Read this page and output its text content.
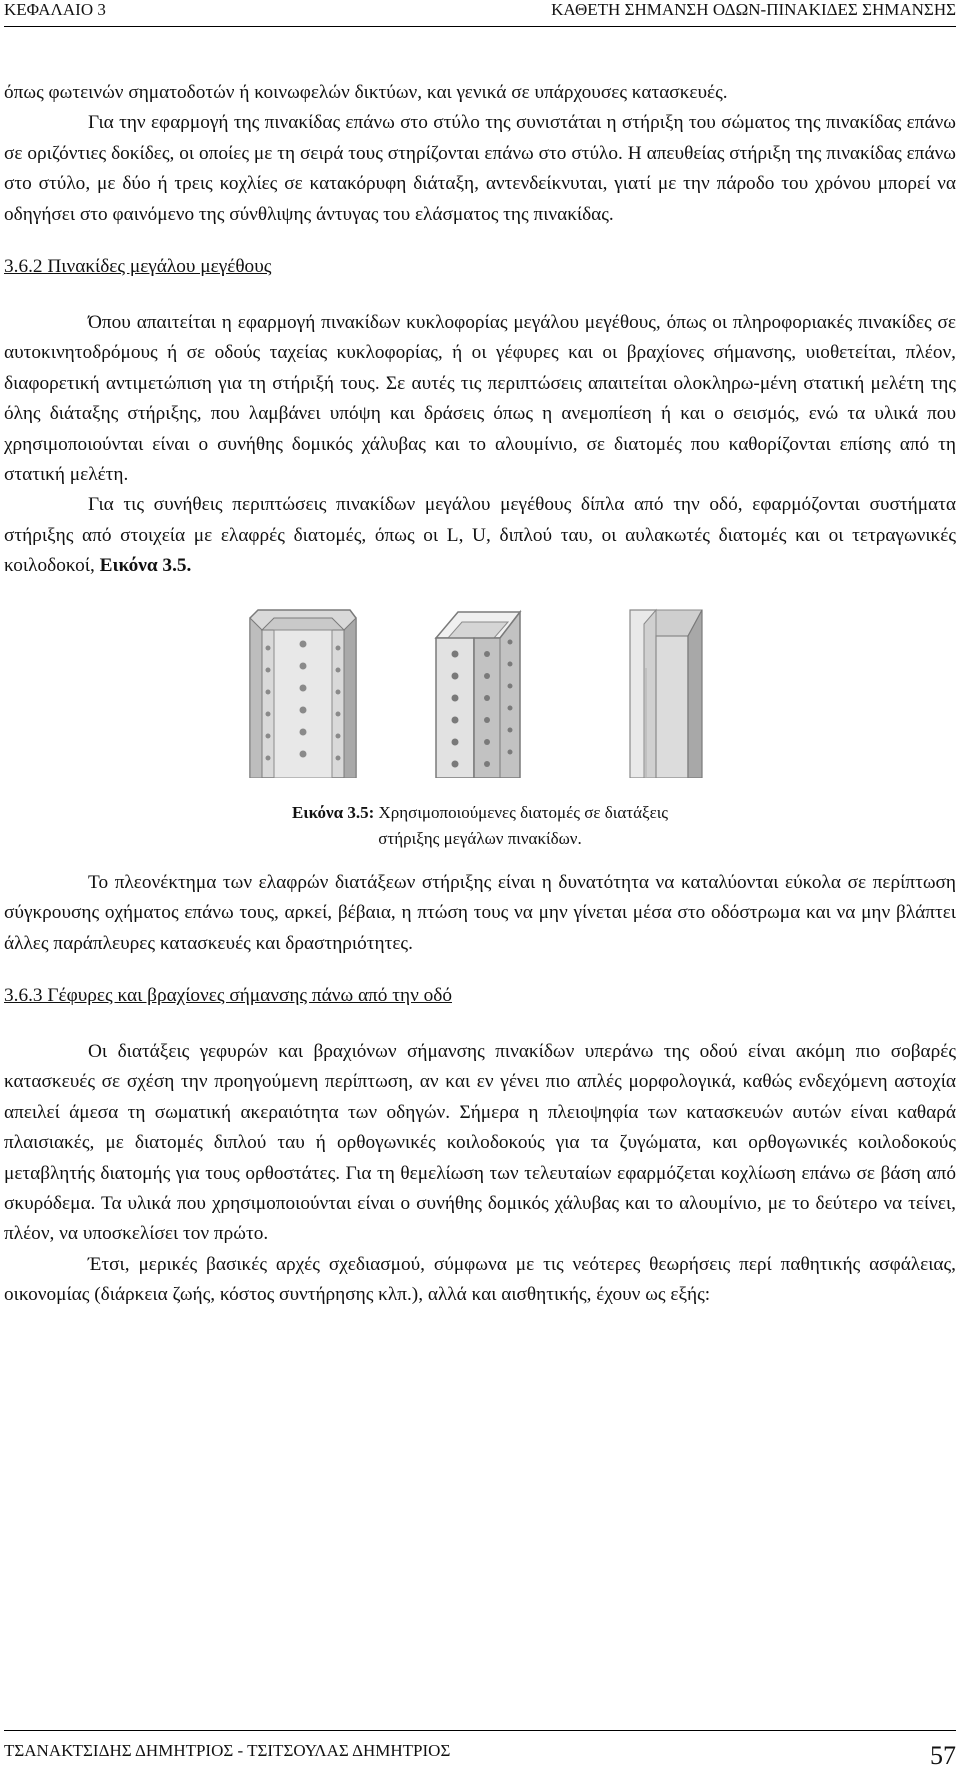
ΚΕΦΑΛΑΙΟ 3	ΚΑΘΕΤΗ ΣΗΜΑΝΣΗ ΟΔΩΝ-ΠΙΝΑΚΙΔΕΣ ΣΗΜΑΝΣΗΣ

όπως φωτεινών σηματοδοτών ή κοινωφελών δικτύων, και γενικά σε υπάρχουσες κατασκευές.

Για την εφαρμογή της πινακίδας επάνω στο στύλο της συνιστάται η στήριξη του σώματος της πινακίδας επάνω σε οριζόντιες δοκίδες, οι οποίες με τη σειρά τους στηρίζονται επάνω στο στύλο. Η απευθείας στήριξη της πινακίδας επάνω στο στύλο, με δύο ή τρεις κοχλίες σε κατακόρυφη διάταξη, αντενδείκνυται, γιατί με την πάροδο του χρόνου μπορεί να οδηγήσει στο φαινόμενο της σύνθλιψης άντυγας του ελάσματος της πινακίδας.

3.6.2 Πινακίδες μεγάλου μεγέθους

Όπου απαιτείται η εφαρμογή πινακίδων κυκλοφορίας μεγάλου μεγέθους, όπως οι πληροφοριακές πινακίδες σε αυτοκινητοδρόμους ή σε οδούς ταχείας κυκλοφορίας, ή οι γέφυρες και οι βραχίονες σήμανσης, υιοθετείται, πλέον, διαφορετική αντιμετώπιση για τη στήριξή τους. Σε αυτές τις περιπτώσεις απαιτείται ολοκληρω-μένη στατική μελέτη της όλης διάταξης στήριξης, που λαμβάνει υπόψη και δράσεις όπως η ανεμοπίεση ή και ο σεισμός, ενώ τα υλικά που χρησιμοποιούνται είναι ο συνήθης δομικός χάλυβας και το αλουμίνιο, σε διατομές που καθορίζονται επίσης από τη στατική μελέτη.

Για τις συνήθεις περιπτώσεις πινακίδων μεγάλου μεγέθους δίπλα από την οδό, εφαρμόζονται συστήματα στήριξης από στοιχεία με ελαφρές διατομές, όπως οι L, U, διπλού ταυ, οι αυλακωτές διατομές και οι τετραγωνικές κοιλοδοκοί, Εικόνα 3.5.

Εικόνα 3.5: Χρησιμοποιούμενες διατομές σε διατάξεις
στήριξης μεγάλων πινακίδων.

Το πλεονέκτημα των ελαφρών διατάξεων στήριξης είναι η δυνατότητα να καταλύονται εύκολα σε περίπτωση σύγκρουσης οχήματος επάνω τους, αρκεί, βέβαια, η πτώση τους να μην γίνεται μέσα στο οδόστρωμα και να μην βλάπτει άλλες παράπλευρες κατασκευές και δραστηριότητες.

3.6.3 Γέφυρες και βραχίονες σήμανσης πάνω από την οδό

Οι διατάξεις γεφυρών και βραχιόνων σήμανσης πινακίδων υπεράνω της οδού είναι ακόμη πιο σοβαρές κατασκευές σε σχέση την προηγούμενη περίπτωση, αν και εν γένει πιο απλές μορφολογικά, καθώς ενδεχόμενη αστοχία απειλεί άμεσα τη σωματική ακεραιότητα των οδηγών. Σήμερα η πλειοψηφία των κατασκευών αυτών είναι καθαρά πλαισιακές, με διατομές διπλού ταυ ή ορθογωνικές κοιλοδοκούς για τα ζυγώματα, και ορθογωνικές κοιλοδοκούς μεταβλητής διατομής για τους ορθοστάτες. Για τη θεμελίωση των τελευταίων εφαρμόζεται κοχλίωση επάνω σε βάση από σκυρόδεμα. Τα υλικά που χρησιμοποιούνται είναι ο συνήθης δομικός χάλυβας και το αλουμίνιο, με το δεύτερο να τείνει, πλέον, να υποσκελίσει τον πρώτο.

Έτσι, μερικές βασικές αρχές σχεδιασμού, σύμφωνα με τις νεότερες θεωρήσεις περί παθητικής ασφάλειας, οικονομίας (διάρκεια ζωής, κόστος συντήρησης κλπ.), αλλά και αισθητικής, έχουν ως εξής:

ΤΣΑΝΑΚΤΣΙΔΗΣ ΔΗΜΗΤΡΙΟΣ - ΤΣΙΤΣΟΥΛΑΣ ΔΗΜΗΤΡΙΟΣ	57
